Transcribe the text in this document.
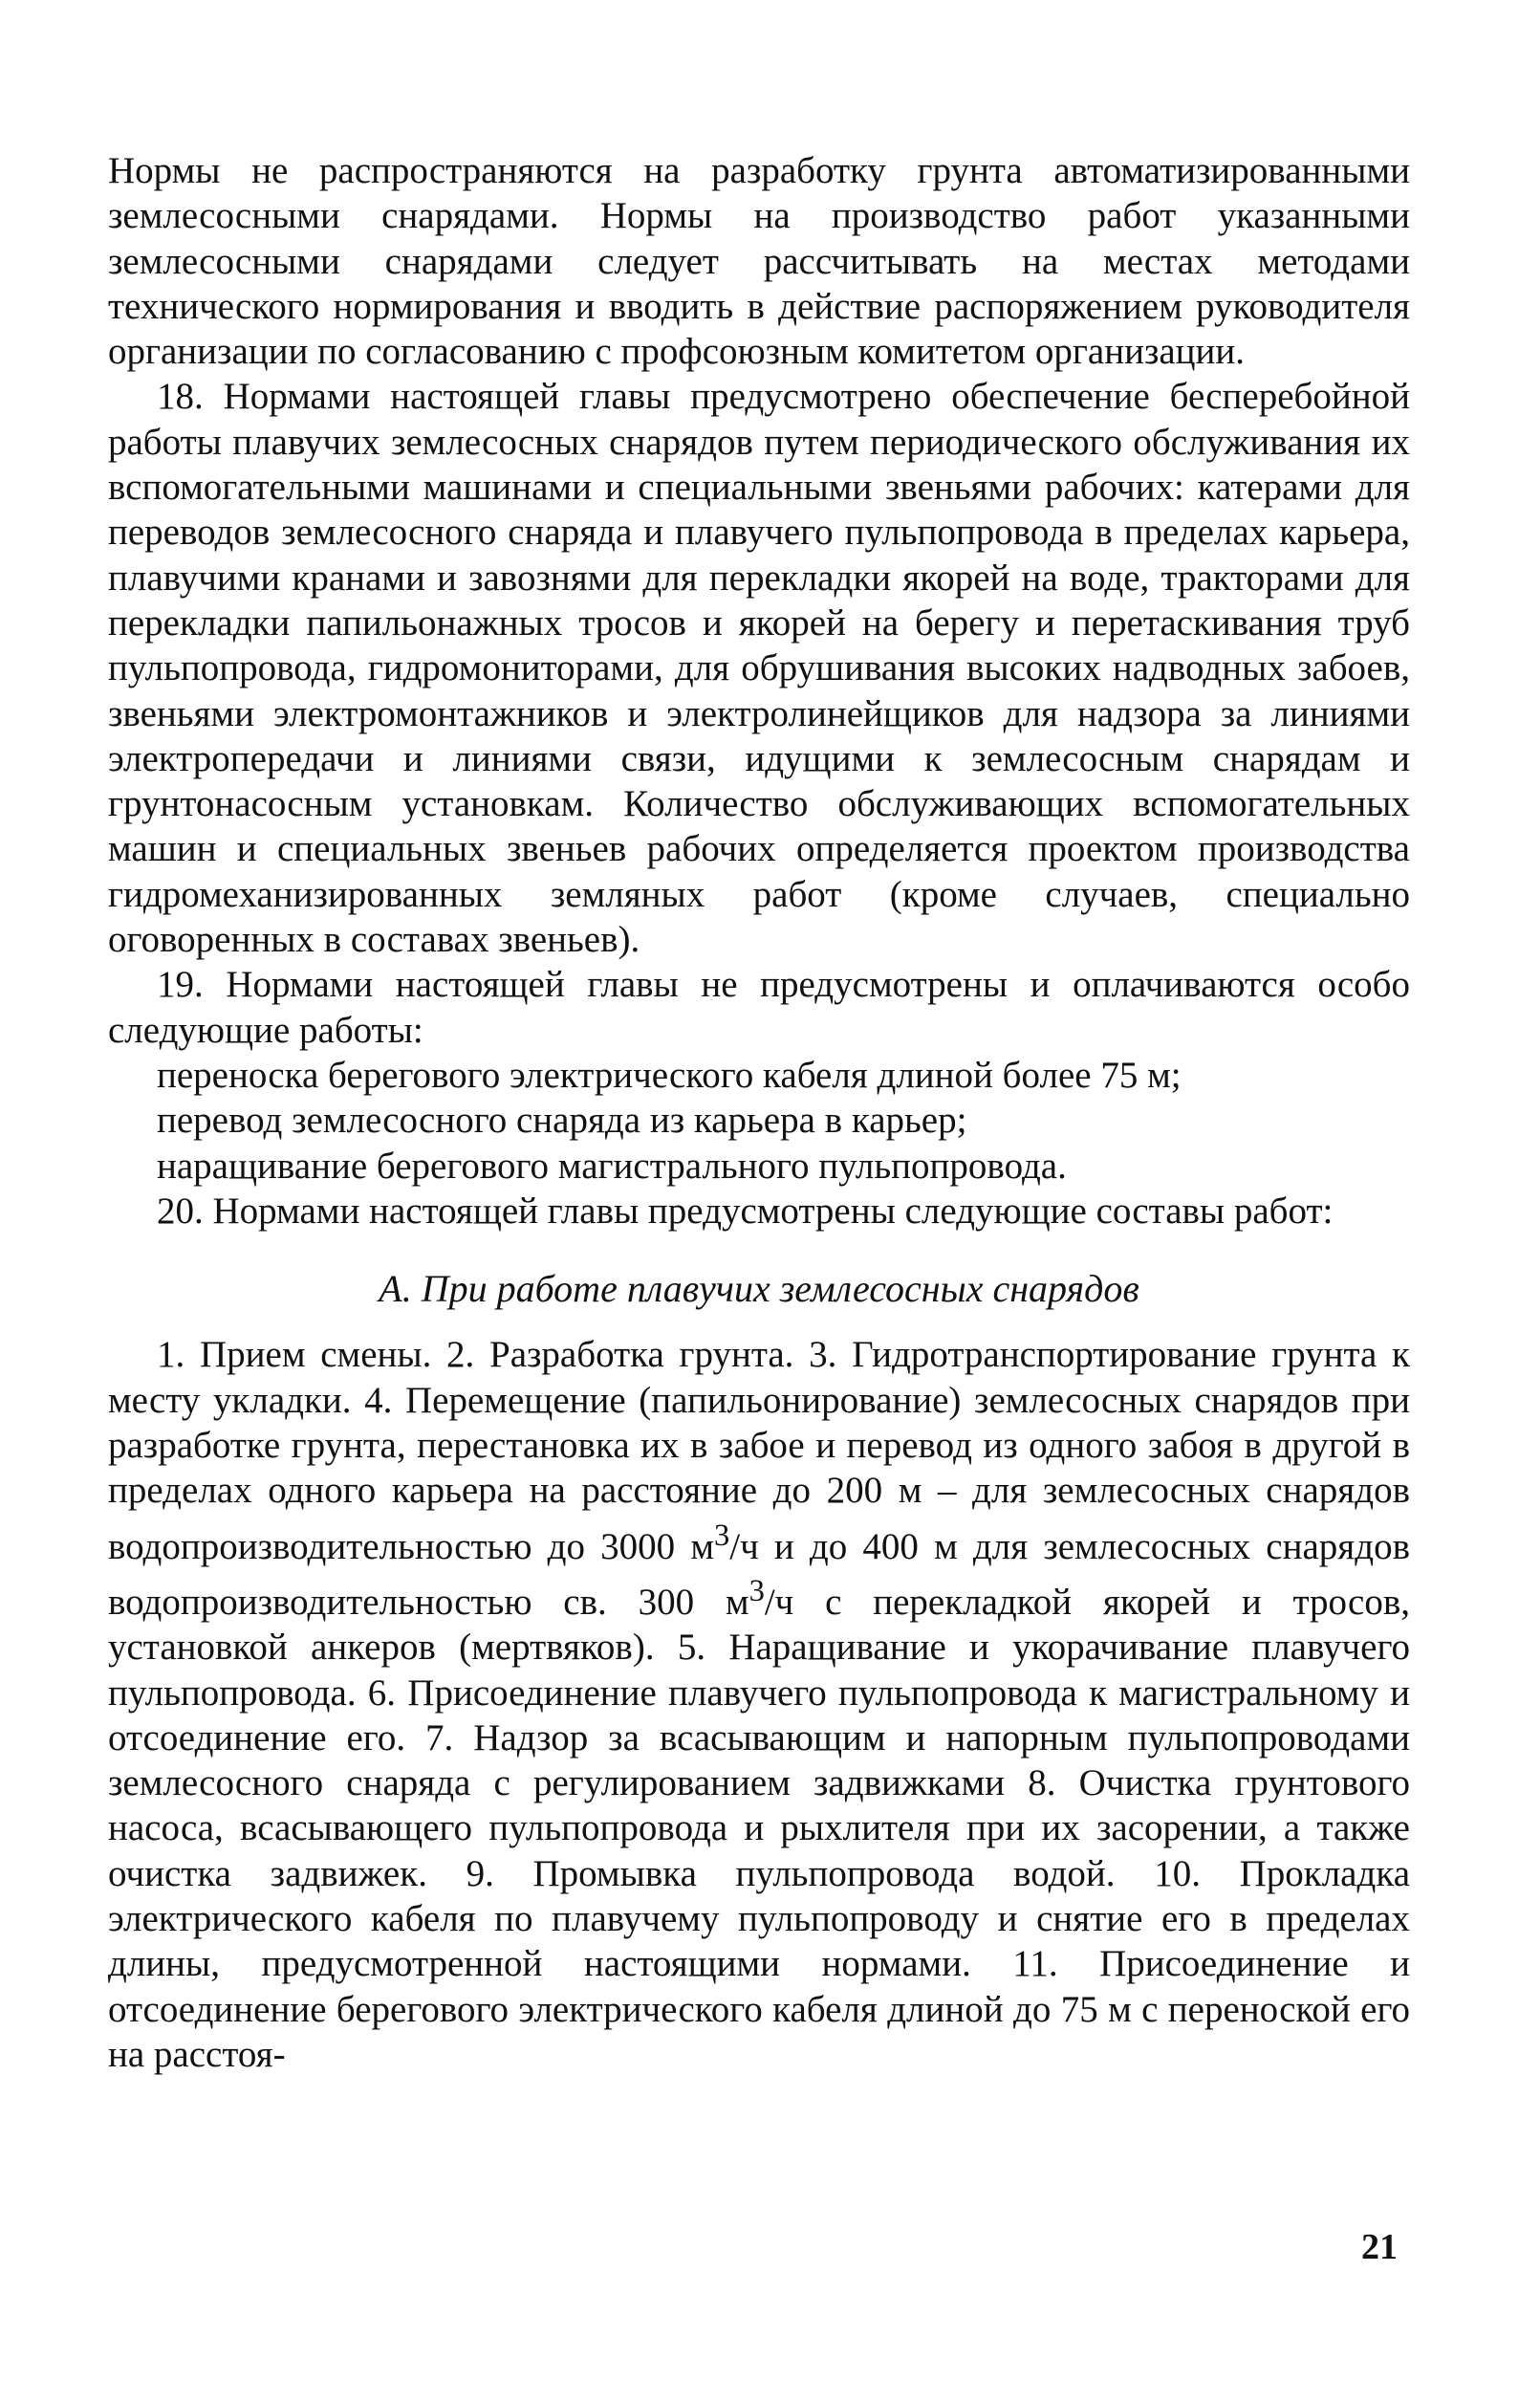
Нормы не распространяются на разработку грунта автоматизированными землесосными снарядами. Нормы на производство работ указанными землесосными снарядами следует рассчитывать на местах методами технического нормирования и вводить в действие распоряжением руководителя организации по согласованию с профсоюзным комитетом организации.

18. Нормами настоящей главы предусмотрено обеспечение бесперебойной работы плавучих землесосных снарядов путем периодического обслуживания их вспомогательными машинами и специальными звеньями рабочих: катерами для переводов землесосного снаряда и плавучего пульпопровода в пределах карьера, плавучими кранами и завознями для перекладки якорей на воде, тракторами для перекладки папильонажных тросов и якорей на берегу и перетаскивания труб пульпопровода, гидромониторами, для обрушивания высоких надводных забоев, звеньями электромонтажников и электролинейщиков для надзора за линиями электропередачи и линиями связи, идущими к землесосным снарядам и грунтонасосным установкам. Количество обслуживающих вспомогательных машин и специальных звеньев рабочих определяется проектом производства гидромеханизированных земляных работ (кроме случаев, специально оговоренных в составах звеньев).

19. Нормами настоящей главы не предусмотрены и оплачиваются особо следующие работы:

переноска берегового электрического кабеля длиной более 75 м;

перевод землесосного снаряда из карьера в карьер;

наращивание берегового магистрального пульпопровода.

20. Нормами настоящей главы предусмотрены следующие составы работ:

А. При работе плавучих землесосных снарядов

1. Прием смены. 2. Разработка грунта. 3. Гидротранспортирование грунта к месту укладки. 4. Перемещение (папильонирование) землесосных снарядов при разработке грунта, перестановка их в забое и перевод из одного забоя в другой в пределах одного карьера на расстояние до 200 м – для землесосных снарядов водопроизводительностью до 3000 $м^3/ч$ и до 400 м для землесосных снарядов водопроизводительностью св. 300 $м^3/ч$ с перекладкой якорей и тросов, установкой анкеров (мертвяков). 5. Наращивание и укорачивание плавучего пульпопровода. 6. Присоединение плавучего пульпопровода к магистральному и отсоединение его. 7. Надзор за всасывающим и напорным пульпопроводами землесосного снаряда с регулированием задвижками 8. Очистка грунтового насоса, всасывающего пульпопровода и рыхлителя при их засорении, а также очистка задвижек. 9. Промывка пульпопровода водой. 10. Прокладка электрического кабеля по плавучему пульпопроводу и снятие его в пределах длины, предусмотренной настоящими нормами. 11. Присоединение и отсоединение берегового электрического кабеля длиной до 75 м с переноской его на расстоя-

21
